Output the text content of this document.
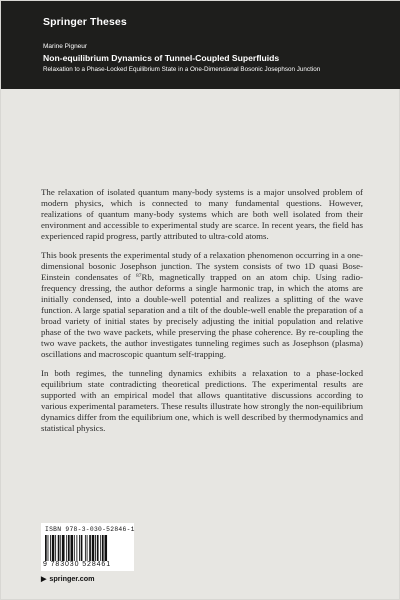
Springer Theses
Marine Pigneur
Non-equilibrium Dynamics of Tunnel-Coupled Superfluids
Relaxation to a Phase-Locked Equilibrium State in a One-Dimensional Bosonic Josephson Junction

The relaxation of isolated quantum many-body systems is a major unsolved problem of modern physics, which is connected to many fundamental questions. However, realizations of quantum many-body systems which are both well isolated from their environment and accessible to experimental study are scarce. In recent years, the field has experienced rapid progress, partly attributed to ultra-cold atoms.

This book presents the experimental study of a relaxation phenomenon occurring in a one-dimensional bosonic Josephson junction. The system consists of two 1D quasi Bose-Einstein condensates of $^{87}$Rb, magnetically trapped on an atom chip. Using radio-frequency dressing, the author deforms a single harmonic trap, in which the atoms are initially condensed, into a double-well potential and realizes a splitting of the wave function. A large spatial separation and a tilt of the double-well enable the preparation of a broad variety of initial states by precisely adjusting the initial population and relative phase of the two wave packets, while preserving the phase coherence. By re-coupling the two wave packets, the author investigates tunneling regimes such as Josephson (plasma) oscillations and macroscopic quantum self-trapping.

In both regimes, the tunneling dynamics exhibits a relaxation to a phase-locked equilibrium state contradicting theoretical predictions. The experimental results are supported with an empirical model that allows quantitative discussions according to various experimental parameters. These results illustrate how strongly the non-equilibrium dynamics differ from the equilibrium one, which is well described by thermodynamics and statistical physics.

ISBN 978-3-030-52846-1
9 783030 528461
▶ springer.com
